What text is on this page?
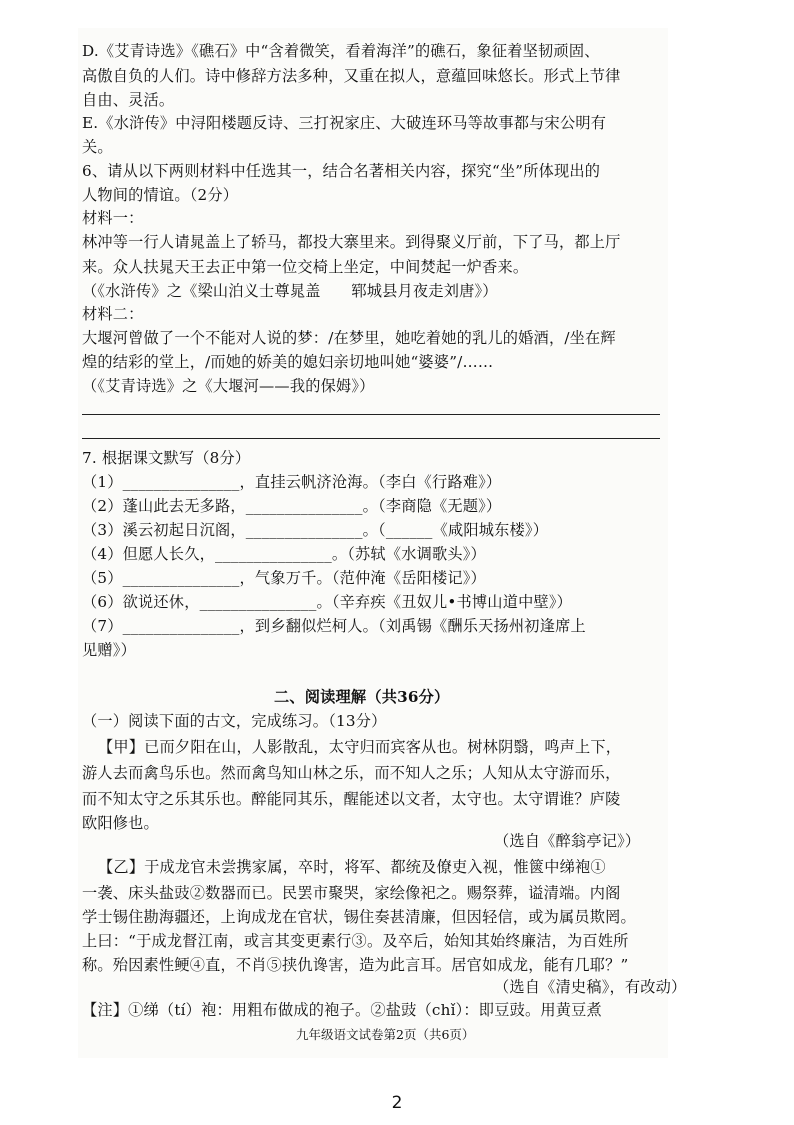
D.《艾青诗选》《礁石》中“含着微笑，看着海洋”的礁石，象征着坚韧顽固、
高傲自负的人们。诗中修辞方法多种，又重在拟人，意蕴回味悠长。形式上节律
自由、灵活。
E.《水浒传》中浔阳楼题反诗、三打祝家庄、大破连环马等故事都与宋公明有
关。
6、请从以下两则材料中任选其一，结合名著相关内容，探究“坐”所体现出的
人物间的情谊。（2分）
材料一：
林冲等一行人请晁盖上了轿马，都投大寨里来。到得聚义厅前，下了马，都上厅
来。众人扶晁天王去正中第一位交椅上坐定，中间焚起一炉香来。
（《水浒传》之《梁山泊义士尊晁盖　　郓城县月夜走刘唐》）
材料二：
大堰河曾做了一个不能对人说的梦：/在梦里，她吃着她的乳儿的婚酒，/坐在辉
煌的结彩的堂上，/而她的娇美的媳妇亲切地叫她“婆婆”/……
（《艾青诗选》之《大堰河——我的保姆》）
7. 根据课文默写（8分）
（1）_______________，直挂云帆济沧海。（李白《行路难》）
（2）蓬山此去无多路，_______________。（李商隐《无题》）
（3）溪云初起日沉阁，_______________。（______《咸阳城东楼》）
（4）但愿人长久，_______________。（苏轼《水调歌头》）
（5）_______________，气象万千。（范仲淹《岳阳楼记》）
（6）欲说还休，_______________。（辛弃疾《丑奴儿•书博山道中壁》）
（7）_______________，到乡翻似烂柯人。（刘禹锡《酬乐天扬州初逢席上
见赠》）
二、阅读理解（共36分）
（一）阅读下面的古文，完成练习。（13分）
【甲】已而夕阳在山，人影散乱，太守归而宾客从也。树林阴翳，鸣声上下，
游人去而禽鸟乐也。然而禽鸟知山林之乐，而不知人之乐；人知从太守游而乐，
而不知太守之乐其乐也。醉能同其乐，醒能述以文者，太守也。太守谓谁？庐陵
欧阳修也。
（选自《醉翁亭记》）
【乙】于成龙官未尝携家属，卒时，将军、都统及僚吏入视，惟篋中绨袍①
一袭、床头盐豉②数器而已。民罢市聚哭，家绘像祀之。赐祭葬，谥清端。内阁
学士锡住勘海疆还，上询成龙在官状，锡住奏甚清廉，但因轻信，或为属员欺罔。
上曰：“于成龙督江南，或言其变更素行③。及卒后，始知其始终廉洁，为百姓所
称。殆因素性鲠④直，不肖⑤挟仇谗害，造为此言耳。居官如成龙，能有几耶？”
（选自《清史稿》，有改动）
【注】①绨（tí）袍：用粗布做成的袍子。②盐豉（chǐ）：即豆豉。用黄豆煮
九年级语文试卷第2页（共6页）
2
